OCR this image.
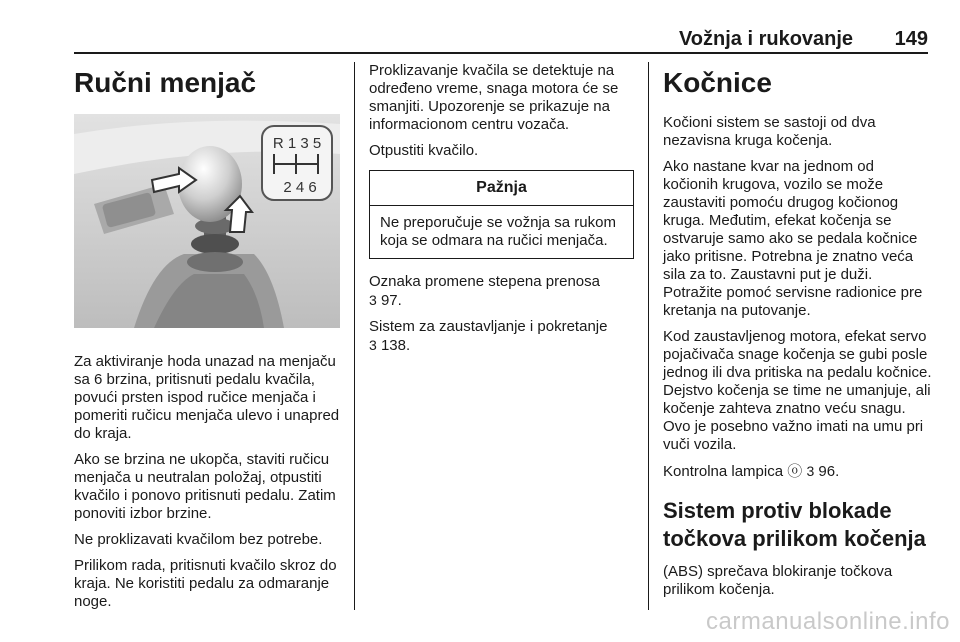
Vožnja i rukovanje 149
Ručni menjač
R 1 3 5
2 4 6

Za aktiviranje hoda unazad na menjaču sa 6 brzina, pritisnuti pedalu kvačila, povući prsten ispod ručice menjača i pomeriti ručicu menjača ulevo i unapred do kraja.

Ako se brzina ne ukopča, staviti ručicu menjača u neutralan položaj, otpustiti kvačilo i ponovo pritisnuti pedalu. Zatim ponoviti izbor brzine.

Ne proklizavati kvačilom bez potrebe.

Prilikom rada, pritisnuti kvačilo skroz do kraja. Ne koristiti pedalu za odmaranje noge.

Proklizavanje kvačila se detektuje na određeno vreme, snaga motora će se smanjiti. Upozorenje se prikazuje na informacionom centru vozača.

Otpustiti kvačilo.

Pažnja
Ne preporučuje se vožnja sa rukom koja se odmara na ručici menjača.

Oznaka promene stepena prenosa
3 97.

Sistem za zaustavljanje i pokretanje
3 138.

Kočnice

Kočioni sistem se sastoji od dva nezavisna kruga kočenja.

Ako nastane kvar na jednom od kočionih krugova, vozilo se može zaustaviti pomoću drugog kočionog kruga. Međutim, efekat kočenja se ostvaruje samo ako se pedala kočnice jako pritisne. Potrebna je znatno veća sila za to. Zaustavni put je duži. Potražite pomoć servisne radionice pre kretanja na putovanje.

Kod zaustavljenog motora, efekat servo pojačivača snage kočenja se gubi posle jednog ili dva pritiska na pedalu kočnice. Dejstvo kočenja se time ne umanjuje, ali kočenje zahteva znatno veću snagu. Ovo je posebno važno imati na umu pri vuči vozila.

Kontrolna lampica ⓞ 3 96.

Sistem protiv blokade točkova prilikom kočenja

(ABS) sprečava blokiranje točkova prilikom kočenja.

carmanualsonline.info
